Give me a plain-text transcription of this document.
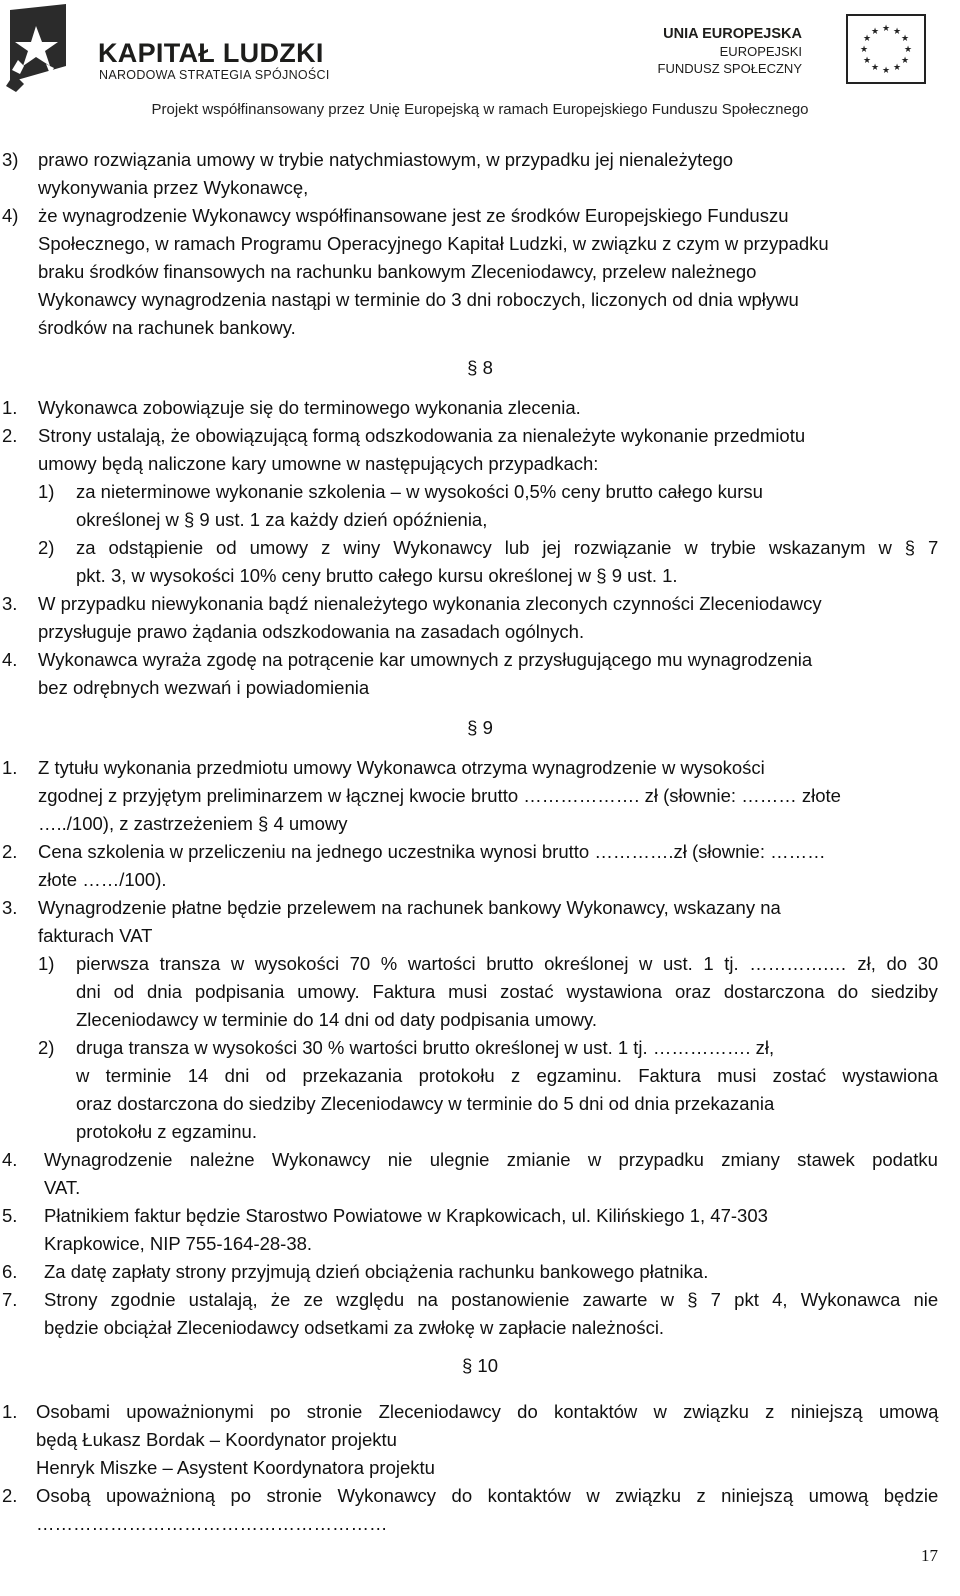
KAPITAŁ LUDZKI
NARODOWA STRATEGIA SPÓJNOŚCI
UNIA EUROPEJSKA
EUROPEJSKI
FUNDUSZ SPOŁECZNY
★ ★
★
★
★
★
★
★
★
★
★
★
Projekt współfinansowany przez Unię Europejską w ramach Europejskiego Funduszu Społecznego
3) prawo rozwiązania umowy w trybie natychmiastowym, w przypadku jej nienależytego
wykonywania przez Wykonawcę,
4) że wynagrodzenie Wykonawcy współfinansowane jest ze środków Europejskiego Funduszu
Społecznego, w ramach Programu Operacyjnego Kapitał Ludzki, w związku z czym w przypadku
braku środków finansowych na rachunku bankowym Zleceniodawcy, przelew należnego
Wykonawcy wynagrodzenia nastąpi w terminie do 3 dni roboczych, liczonych od dnia wpływu
środków na rachunek bankowy.
§ 8
1. Wykonawca zobowiązuje się do terminowego wykonania zlecenia.
2. Strony ustalają, że obowiązującą formą odszkodowania za nienależyte wykonanie przedmiotu
umowy będą naliczone kary umowne w następujących przypadkach:
1) za nieterminowe wykonanie szkolenia – w wysokości 0,5% ceny brutto całego kursu
określonej w § 9 ust. 1 za każdy dzień opóźnienia,
2) za odstąpienie od umowy z winy Wykonawcy lub jej rozwiązanie w trybie wskazanym w § 7
pkt. 3, w wysokości 10% ceny brutto całego kursu określonej w § 9 ust. 1.
3. W przypadku niewykonania bądź nienależytego wykonania zleconych czynności Zleceniodawcy
przysługuje prawo żądania odszkodowania na zasadach ogólnych.
4. Wykonawca wyraża zgodę na potrącenie kar umownych z przysługującego mu wynagrodzenia
bez odrębnych wezwań i powiadomienia
§ 9
1. Z tytułu wykonania przedmiotu umowy Wykonawca otrzyma wynagrodzenie w wysokości
zgodnej z przyjętym preliminarzem w łącznej kwocie brutto ………………. zł (słownie: ……… złote
…../100), z zastrzeżeniem § 4 umowy
2. Cena szkolenia w przeliczeniu na jednego uczestnika wynosi brutto ………….zł (słownie: ………
złote ……/100).
3. Wynagrodzenie płatne będzie przelewem na rachunek bankowy Wykonawcy, wskazany na
fakturach VAT
1) pierwsza transza w wysokości 70 % wartości brutto określonej w ust. 1 tj. ………….… zł, do 30
dni od dnia podpisania umowy. Faktura musi zostać wystawiona oraz dostarczona do siedziby
Zleceniodawcy w terminie do 14 dni od daty podpisania umowy.
2) druga transza w wysokości 30 % wartości brutto określonej w ust. 1 tj. ……………. zł,
w terminie 14 dni od przekazania protokołu z egzaminu. Faktura musi zostać wystawiona
oraz dostarczona do siedziby Zleceniodawcy w terminie do 5 dni od dnia przekazania
protokołu z egzaminu.
4. Wynagrodzenie należne Wykonawcy nie ulegnie zmianie w przypadku zmiany stawek podatku
VAT.
5. Płatnikiem faktur będzie Starostwo Powiatowe w Krapkowicach, ul. Kilińskiego 1, 47-303
Krapkowice, NIP 755-164-28-38.
6. Za datę zapłaty strony przyjmują dzień obciążenia rachunku bankowego płatnika.
7. Strony zgodnie ustalają, że ze względu na postanowienie zawarte w § 7 pkt 4, Wykonawca nie
będzie obciążał Zleceniodawcy odsetkami za zwłokę w zapłacie należności.
§ 10
1. Osobami upoważnionymi po stronie Zleceniodawcy do kontaktów w związku z niniejszą umową
będą Łukasz Bordak – Koordynator projektu
Henryk Miszke – Asystent Koordynatora projektu
2. Osobą upoważnioną po stronie Wykonawcy do kontaktów w związku z niniejszą umową będzie
…………………………………………………
17
